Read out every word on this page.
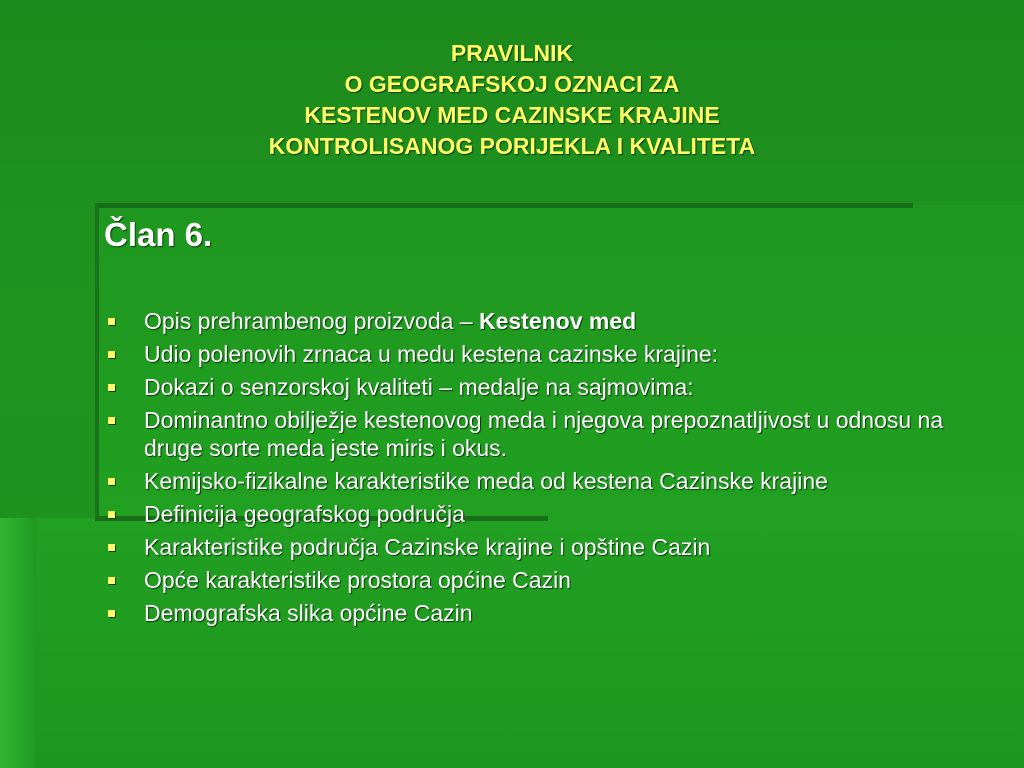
PRAVILNIK
O GEOGRAFSKOJ OZNACI ZA
KESTENOV MED CAZINSKE KRAJINE
KONTROLISANOG PORIJEKLA I KVALITETA
Član 6.
Opis prehrambenog proizvoda – Kestenov med
Udio polenovih zrnaca u medu kestena cazinske krajine:
Dokazi o senzorskoj kvaliteti – medalje na sajmovima:
Dominantno obilježje kestenovog meda i njegova prepoznatljivost u odnosu na druge sorte meda jeste miris i okus.
Kemijsko-fizikalne karakteristike meda od kestena Cazinske krajine
Definicija geografskog područja
Karakteristike područja Cazinske krajine i opštine Cazin
Opće karakteristike prostora općine Cazin
Demografska slika općine Cazin
